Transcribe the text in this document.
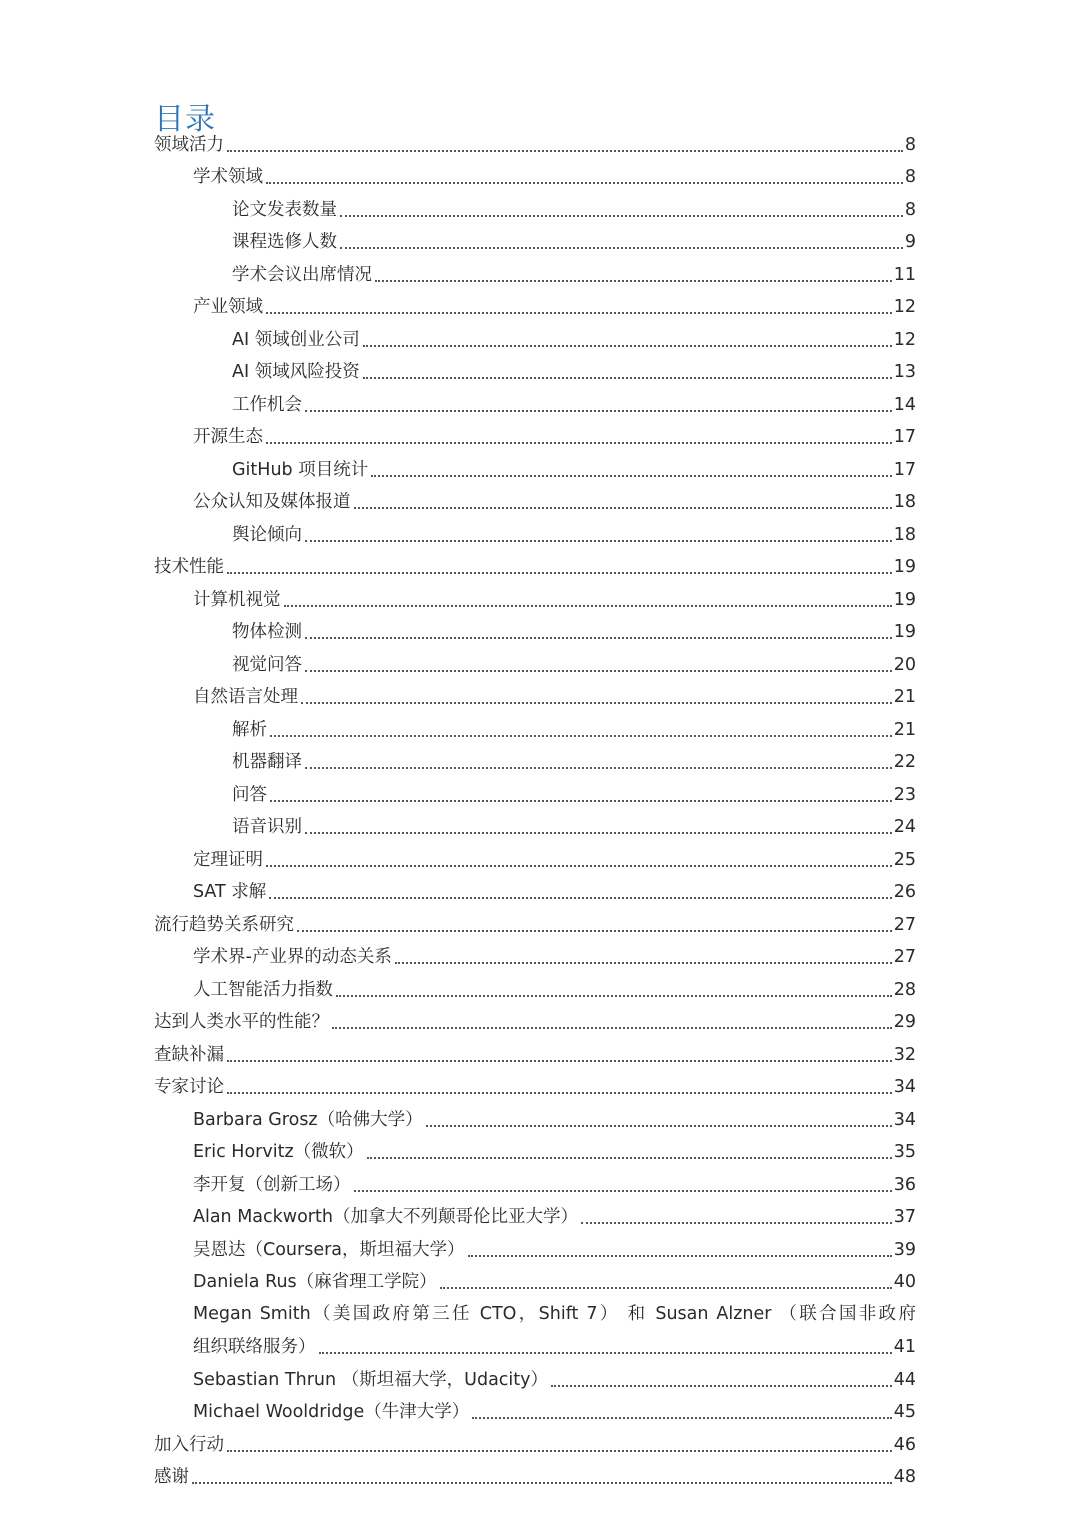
目录
领域活力	8
学术领域	8
论文发表数量	8
课程选修人数	9
学术会议出席情况	11
产业领域	12
AI 领域创业公司	12
AI 领域风险投资	13
工作机会	14
开源生态	17
GitHub 项目统计	17
公众认知及媒体报道	18
舆论倾向	18
技术性能	19
计算机视觉	19
物体检测	19
视觉问答	20
自然语言处理	21
解析	21
机器翻译	22
问答	23
语音识别	24
定理证明	25
SAT 求解	26
流行趋势关系研究	27
学术界-产业界的动态关系	27
人工智能活力指数	28
达到人类水平的性能？	29
查缺补漏	32
专家讨论	34
Barbara Grosz（哈佛大学）	34
Eric Horvitz（微软）	35
李开复（创新工场）	36
Alan Mackworth（加拿大不列颠哥伦比亚大学）	37
吴恩达（Coursera，斯坦福大学）	39
Daniela Rus（麻省理工学院）	40
Megan Smith（美国政府第三任 CTO，Shift 7） 和 Susan Alzner （联合国非政府
组织联络服务）	41
Sebastian Thrun （斯坦福大学，Udacity）	44
Michael Wooldridge（牛津大学）	45
加入行动	46
感谢	48
